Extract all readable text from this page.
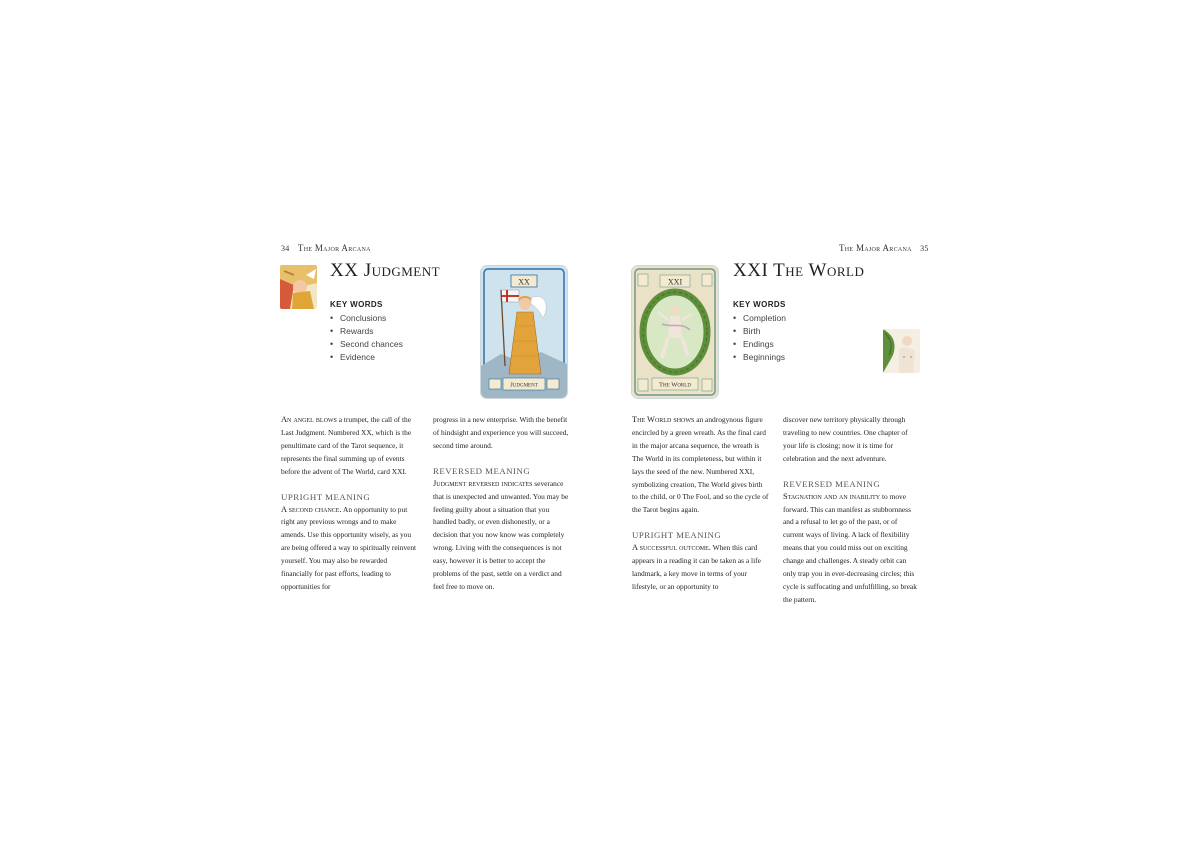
34 The Major Arcana
XX Judgment
KEY WORDS
• Conclusions
• Rewards
• Second chances
• Evidence
XX
Judgment

An angel blows a trumpet, the call of the Last Judgment. Numbered XX, which is the penultimate card of the Tarot sequence, it represents the final summing up of events before the advent of The World, card XXI.

UPRIGHT MEANING

A second chance. An opportunity to put right any previous wrongs and to make amends. Use this opportunity wisely, as you are being offered a way to spiritually reinvent yourself. You may also be rewarded financially for past efforts, leading to opportunities for

progress in a new enterprise. With the benefit of hindsight and experience you will succeed, second time around.

REVERSED MEANING

Judgment reversed indicates severance that is unexpected and unwanted. You may be feeling guilty about a situation that you handled badly, or even dishonestly, or a decision that you now know was completely wrong. Living with the consequences is not easy, however it is better to accept the problems of the past, settle on a verdict and feel free to move on.

The Major Arcana 35
XXI
The World
XXI The World
KEY WORDS
• Completion
• Birth
• Endings
• Beginnings

The World shows an androgynous figure encircled by a green wreath. As the final card in the major arcana sequence, the wreath is The World in its completeness, but within it lays the seed of the new. Numbered XXI, symbolizing creation, The World gives birth to the child, or 0 The Fool, and so the cycle of the Tarot begins again.

UPRIGHT MEANING

A successful outcome. When this card appears in a reading it can be taken as a life landmark, a key move in terms of your lifestyle, or an opportunity to

discover new territory physically through traveling to new countries. One chapter of your life is closing; now it is time for celebration and the next adventure.

REVERSED MEANING

Stagnation and an inability to move forward. This can manifest as stubbornness and a refusal to let go of the past, or of current ways of living. A lack of flexibility means that you could miss out on exciting change and challenges. A steady orbit can only trap you in ever-decreasing circles; this cycle is suffocating and unfulfilling, so break the pattern.
